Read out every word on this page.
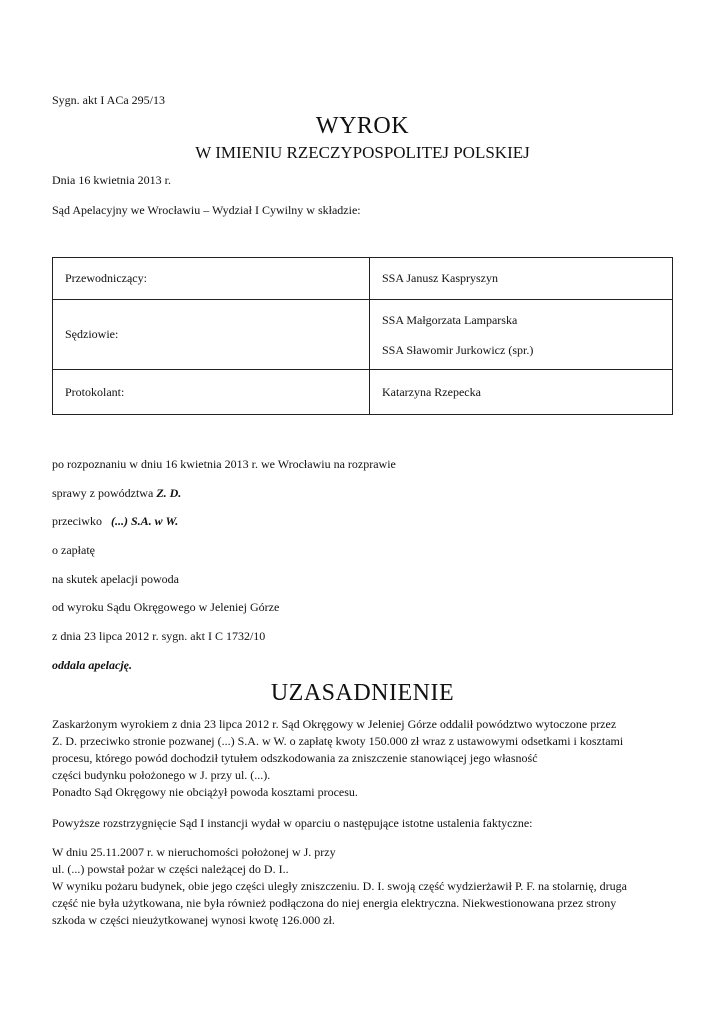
Sygn. akt I ACa 295/13
WYROK
W IMIENIU RZECZYPOSPOLITEJ POLSKIEJ
Dnia 16 kwietnia 2013 r.
Sąd Apelacyjny we Wrocławiu – Wydział I Cywilny w składzie:
Przewodniczący:	SSA Janusz Kaspryszyn
Sędziowie:	SSA Małgorzata Lamparska
SSA Sławomir Jurkowicz (spr.)

Protokolant:	Katarzyna Rzepecka
po rozpoznaniu w dniu 16 kwietnia 2013 r. we Wrocławiu na rozprawie
sprawy z powództwa Z. D.
przeciwko   (...) S.A. w W.
o zapłatę
na skutek apelacji powoda
od wyroku Sądu Okręgowego w Jeleniej Górze
z dnia 23 lipca 2012 r. sygn. akt I C 1732/10
oddala apelację.
UZASADNIENIE
Zaskarżonym wyrokiem z dnia 23 lipca 2012 r. Sąd Okręgowy w Jeleniej Górze oddalił powództwo wytoczone przez
Z. D. przeciwko stronie pozwanej (...) S.A. w W. o zapłatę kwoty 150.000 zł wraz z ustawowymi odsetkami i kosztami
procesu, którego powód dochodził tytułem odszkodowania za zniszczenie stanowiącej jego własność
części budynku położonego w J. przy ul. (...).
Ponadto Sąd Okręgowy nie obciążył powoda kosztami procesu.
Powyższe rozstrzygnięcie Sąd I instancji wydał w oparciu o następujące istotne ustalenia faktyczne:
W dniu 25.11.2007 r. w nieruchomości położonej w J. przy
ul. (...) powstał pożar w części należącej do D. I..
W wyniku pożaru budynek, obie jego części uległy zniszczeniu. D. I. swoją część wydzierżawił P. F. na stolarnię, druga
część nie była użytkowana, nie była również podłączona do niej energia elektryczna. Niekwestionowana przez strony
szkoda w części nieużytkowanej wynosi kwotę 126.000 zł.
